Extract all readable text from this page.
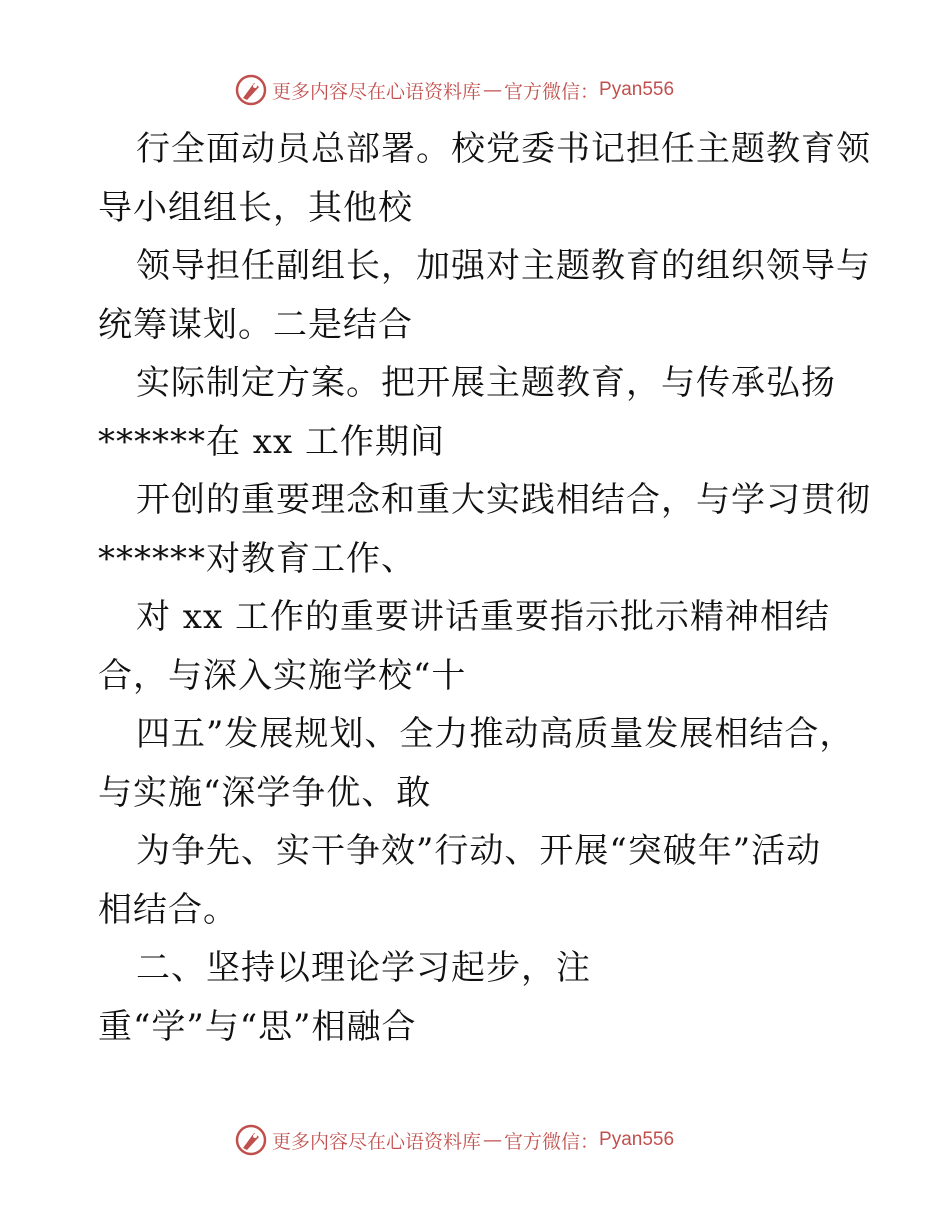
更多内容尽在心语资料库 — 官方微信： Pyan556
行全面动员总部署。校党委书记担任主题教育领
导小组组长，其他校
领导担任副组长，加强对主题教育的组织领导与
统筹谋划。二是结合
实际制定方案。把开展主题教育，与传承弘扬
******在 xx 工作期间
开创的重要理念和重大实践相结合，与学习贯彻
******对教育工作、
对 xx 工作的重要讲话重要指示批示精神相结
合，与深入实施学校“十
四五”发展规划、全力推动高质量发展相结合，
与实施“深学争优、敢
为争先、实干争效”行动、开展“突破年”活动
相结合。
二、坚持以理论学习起步，注
重“学”与“思”相融合
更多内容尽在心语资料库 — 官方微信： Pyan556
